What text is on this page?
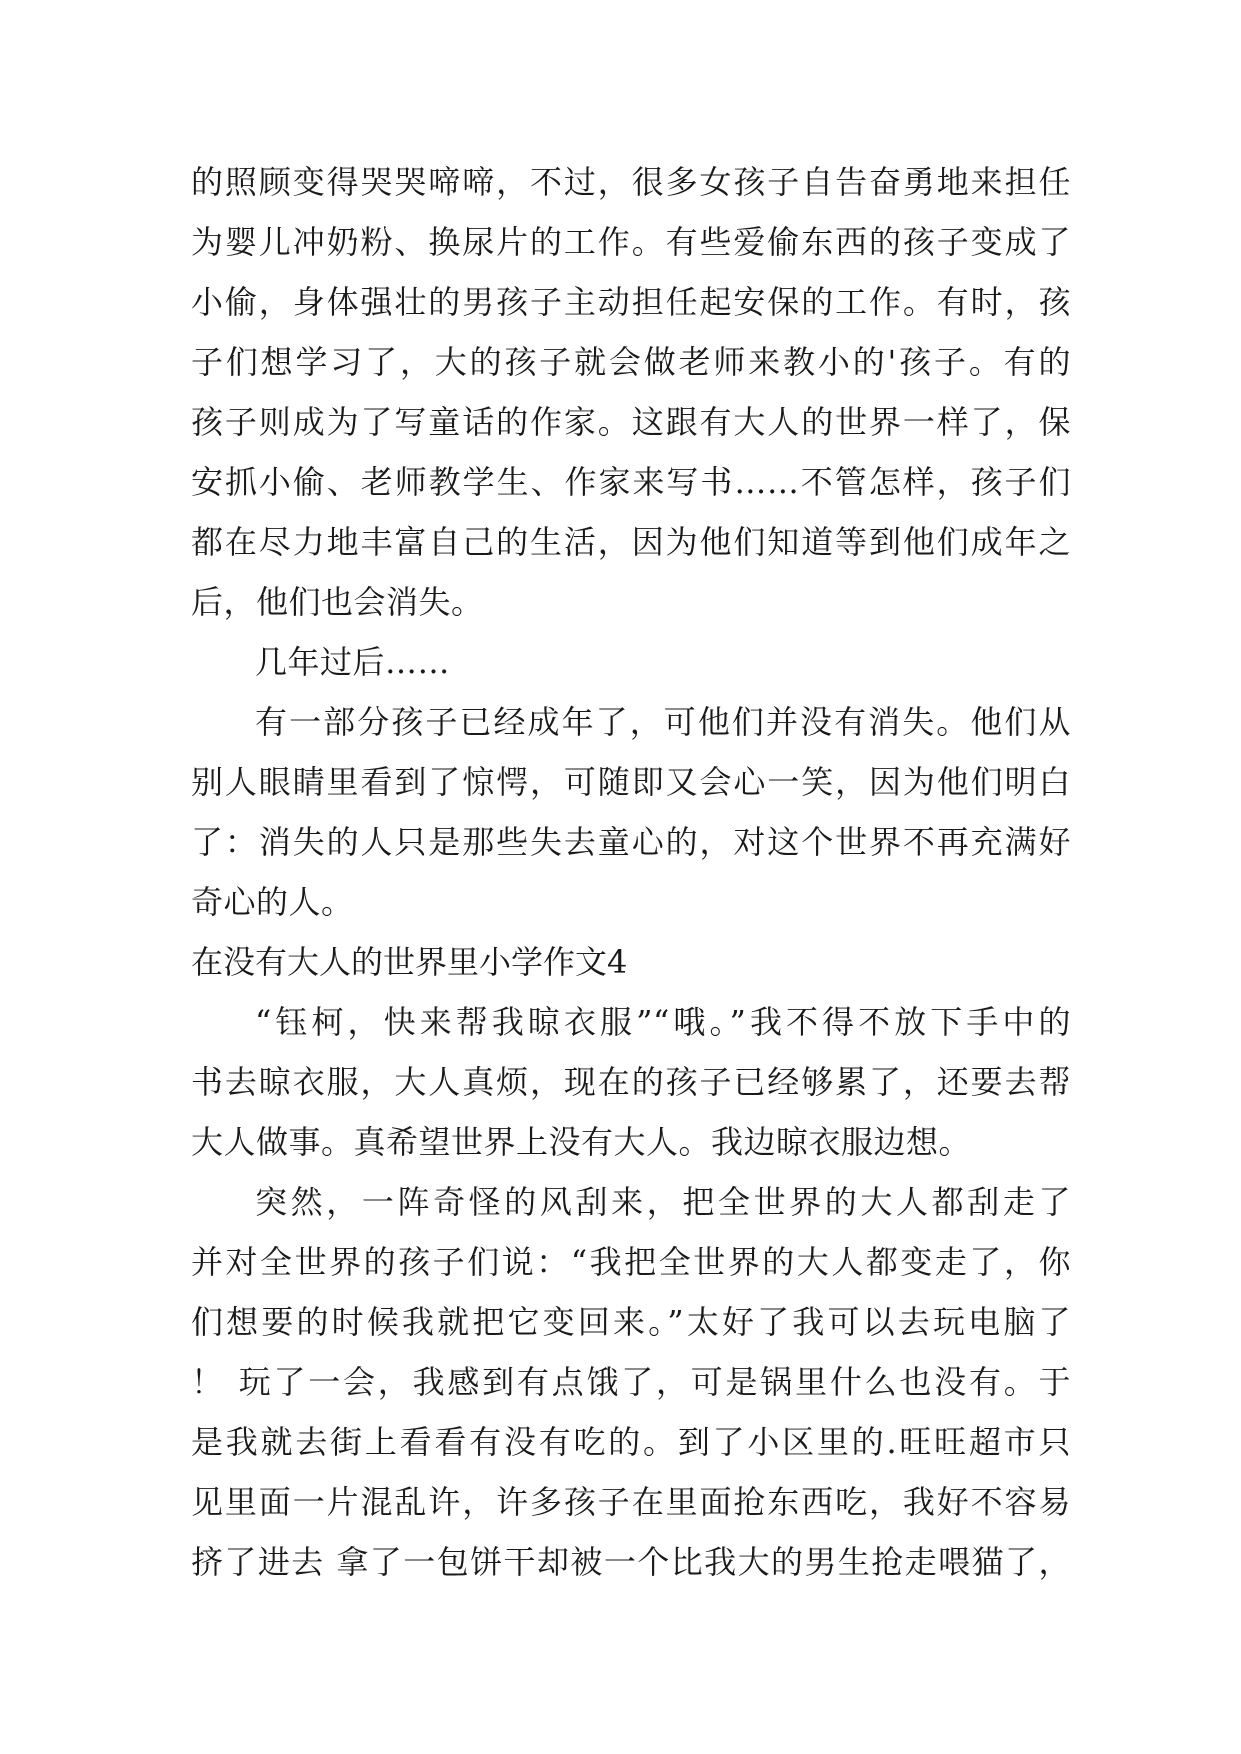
的照顾变得哭哭啼啼，不过，很多女孩子自告奋勇地来担任
为婴儿冲奶粉、换尿片的工作。有些爱偷东西的孩子变成了
小偷，身体强壮的男孩子主动担任起安保的工作。有时，孩
子们想学习了，大的孩子就会做老师来教小的'孩子。有的
孩子则成为了写童话的作家。这跟有大人的世界一样了，保
安抓小偷、老师教学生、作家来写书……不管怎样，孩子们
都在尽力地丰富自己的生活，因为他们知道等到他们成年之
后，他们也会消失。
几年过后……
有一部分孩子已经成年了，可他们并没有消失。他们从
别人眼睛里看到了惊愕，可随即又会心一笑，因为他们明白
了：消失的人只是那些失去童心的，对这个世界不再充满好
奇心的人。
在没有大人的世界里小学作文4
“钰柯，快来帮我晾衣服”“哦。”我不得不放下手中的
书去晾衣服，大人真烦，现在的孩子已经够累了，还要去帮
大人做事。真希望世界上没有大人。我边晾衣服边想。
突然，一阵奇怪的风刮来，把全世界的大人都刮走了
并对全世界的孩子们说：“我把全世界的大人都变走了，你
们想要的时候我就把它变回来。”太好了我可以去玩电脑了
！ 玩了一会，我感到有点饿了，可是锅里什么也没有。于
是我就去街上看看有没有吃的。到了小区里的.旺旺超市只
见里面一片混乱许，许多孩子在里面抢东西吃，我好不容易
挤了进去 拿了一包饼干却被一个比我大的男生抢走喂猫了，
